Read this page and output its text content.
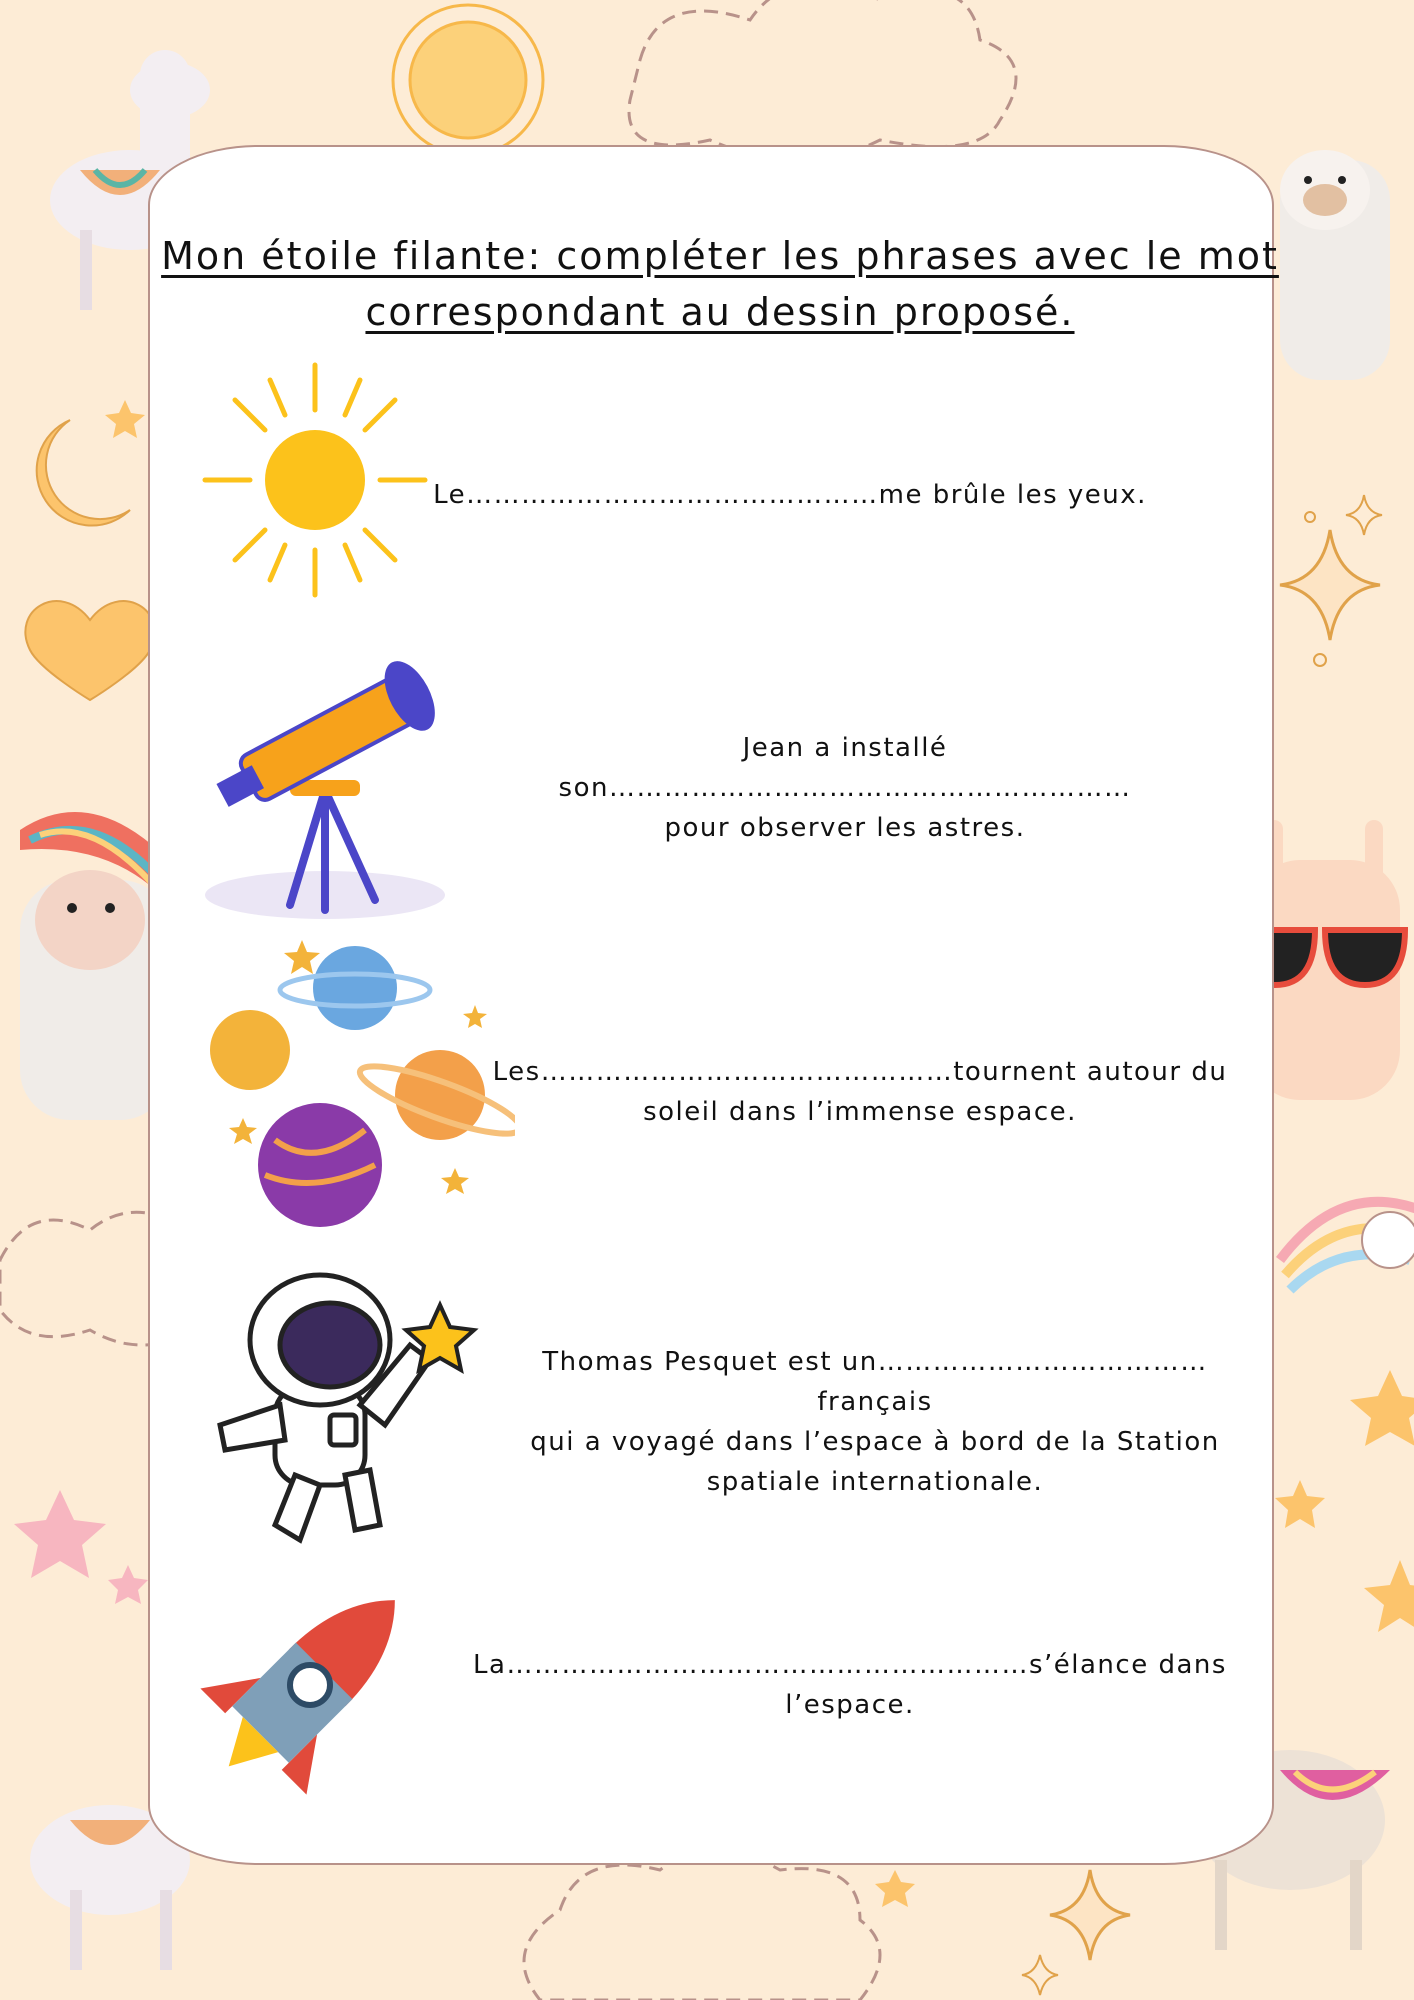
Mon étoile filante: compléter les phrases avec le mot correspondant au dessin proposé.
Le………………………………………me brûle les yeux.
Jean a installé son…………………………………………………
pour observer les astres.
Les………………………………………tournent autour du
soleil dans l’immense espace.
Thomas Pesquet est un………………………………français
qui a voyagé dans l’espace à bord de la Station
spatiale internationale.
La…………………………………………………s’élance dans l’espace.
